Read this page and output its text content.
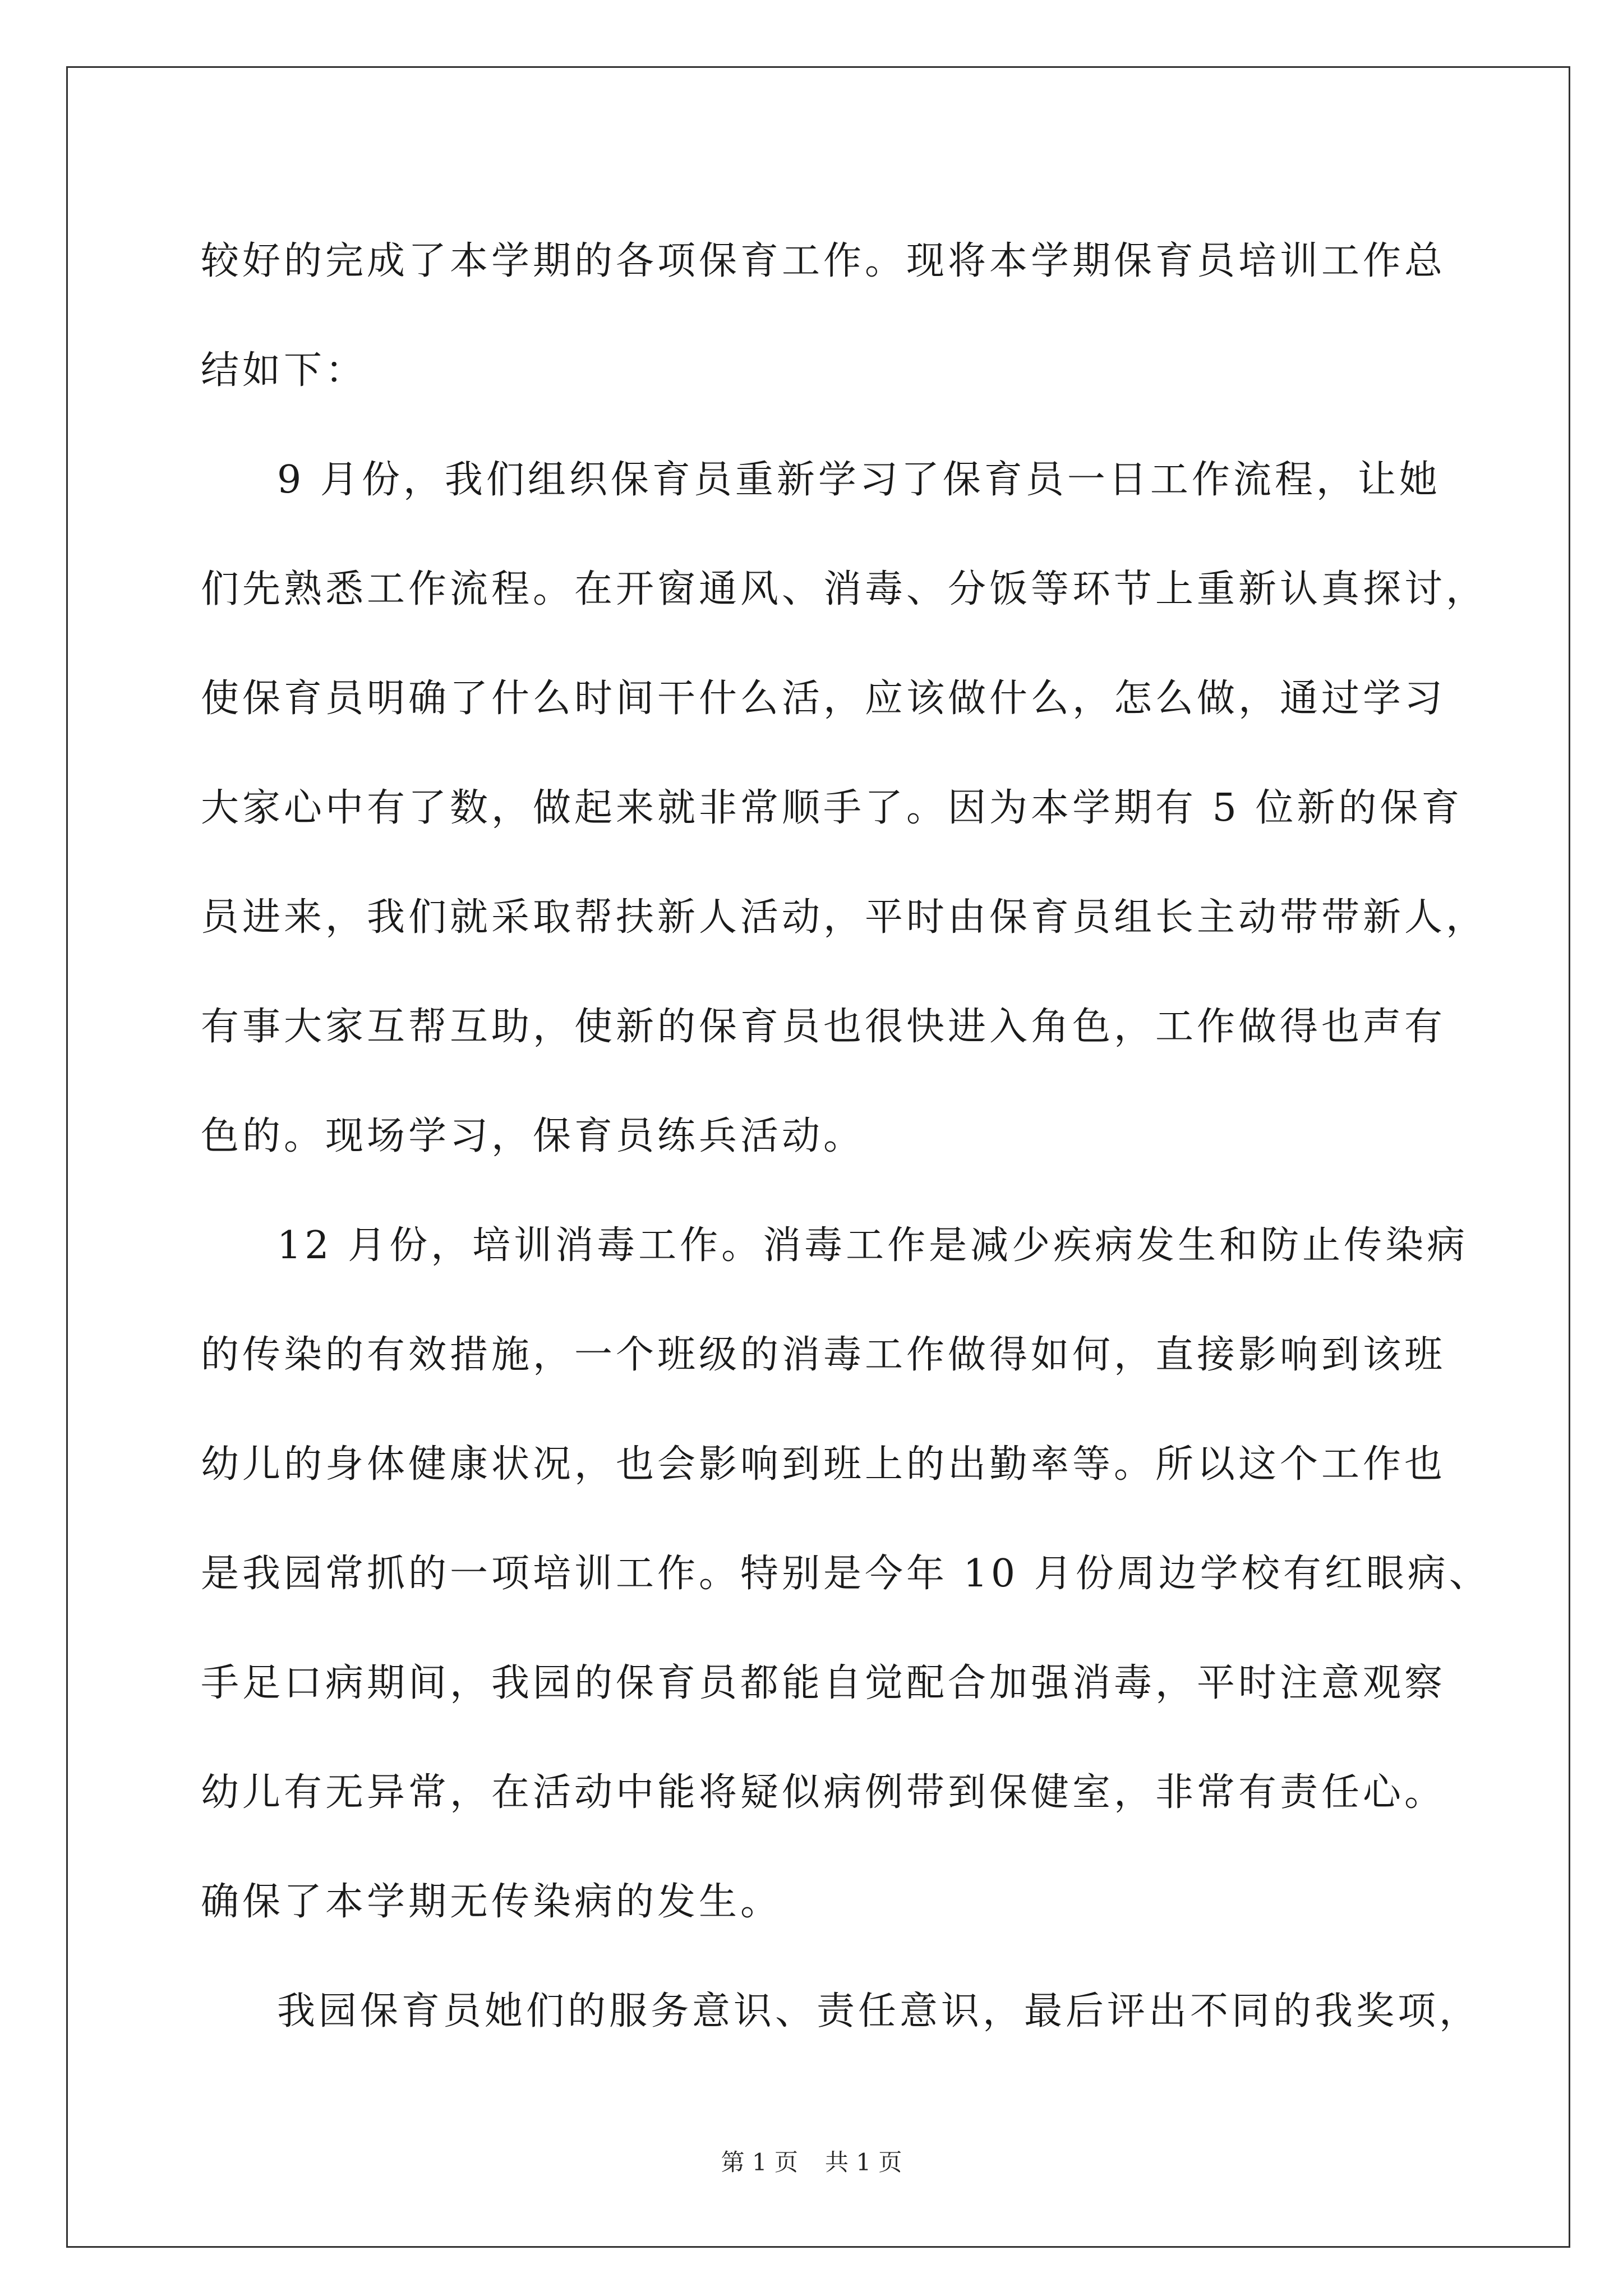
较好的完成了本学期的各项保育工作。现将本学期保育员培训工作总
结如下：
9 月份，我们组织保育员重新学习了保育员一日工作流程，让她
们先熟悉工作流程。在开窗通风、消毒、分饭等环节上重新认真探讨，
使保育员明确了什么时间干什么活，应该做什么，怎么做，通过学习
大家心中有了数，做起来就非常顺手了。因为本学期有 5 位新的保育
员进来，我们就采取帮扶新人活动，平时由保育员组长主动带带新人，
有事大家互帮互助，使新的保育员也很快进入角色，工作做得也声有
色的。现场学习，保育员练兵活动。
12 月份，培训消毒工作。消毒工作是减少疾病发生和防止传染病
的传染的有效措施，一个班级的消毒工作做得如何，直接影响到该班
幼儿的身体健康状况，也会影响到班上的出勤率等。所以这个工作也
是我园常抓的一项培训工作。特别是今年 10 月份周边学校有红眼病、
手足口病期间，我园的保育员都能自觉配合加强消毒，平时注意观察
幼儿有无异常，在活动中能将疑似病例带到保健室，非常有责任心。
确保了本学期无传染病的发生。
我园保育员她们的服务意识、责任意识，最后评出不同的我奖项，
第 1 页 共 1 页
